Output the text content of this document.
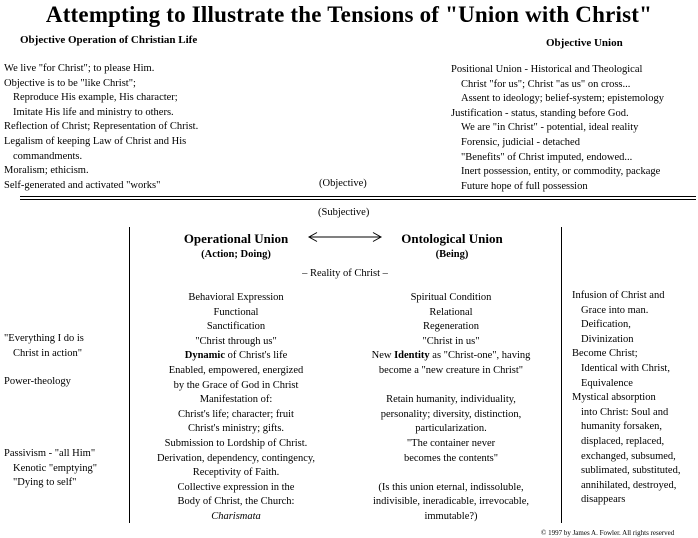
Attempting to Illustrate the Tensions of "Union with Christ"
Objective Operation of Christian Life
We live "for Christ"; to please Him.
Objective is to be "like Christ";
Reproduce His example, His character;
Imitate His life and ministry to others.
Reflection of Christ; Representation of Christ.
Legalism of keeping Law of Christ and His
commandments.
Moralism; ethicism.
Self-generated and activated "works"
Objective Union
Positional Union - Historical and Theological
Christ "for us"; Christ "as us" on cross...
Assent to ideology; belief-system; epistemology
Justification - status, standing before God.
We are "in Christ" - potential, ideal reality
Forensic, judicial - detached
"Benefits" of Christ imputed, endowed...
Inert possession, entity, or commodity, package
Future hope of full possession
(Objective)
(Subjective)
Operational Union
(Action; Doing)
Ontological Union
(Being)
– Reality of Christ –
Behavioral Expression
Functional
Sanctification
"Christ through us"
Dynamic of Christ's life
Enabled, empowered, energized
by the Grace of God in Christ
Manifestation of:
Christ's life; character; fruit
Christ's ministry; gifts.
Submission to Lordship of Christ.
Derivation, dependency, contingency,
Receptivity of Faith.
Collective expression in the
Body of Christ, the Church:
Charismata
Spiritual Condition
Relational
Regeneration
"Christ in us"
New Identity as "Christ-one", having
become a "new creature in Christ"
Retain humanity, individuality,
personality; diversity, distinction,
particularization.
"The container never
becomes the contents"
(Is this union eternal, indissoluble,
indivisible, ineradicable, irrevocable,
immutable?)
"Everything I do is
Christ in action"
Power-theology
Passivism - "all Him"
Kenotic "emptying"
"Dying to self"
Infusion of Christ and
Grace into man.
Deification,
Divinization
Become Christ;
Identical with Christ,
Equivalence
Mystical absorption
into Christ: Soul and
humanity forsaken,
displaced, replaced,
exchanged, subsumed,
sublimated, substituted,
annihilated, destroyed,
disappears
© 1997 by James A. Fowler. All rights reserved
